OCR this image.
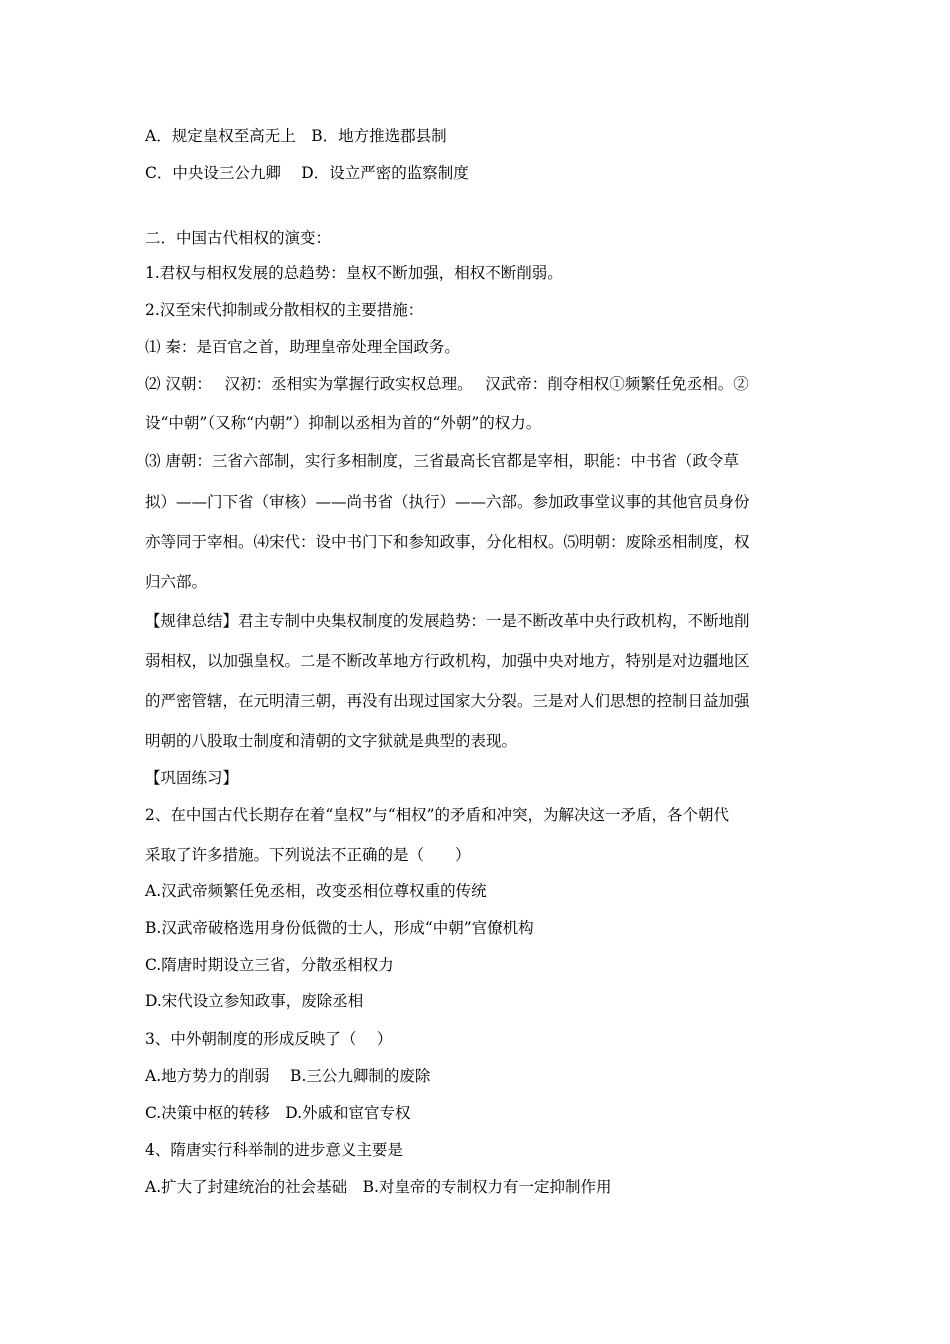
A．规定皇权至高无上　B．地方推选郡县制
C．中央设三公九卿　 D．设立严密的监察制度
二．中国古代相权的演变：
1.君权与相权发展的总趋势：皇权不断加强，相权不断削弱。
2.汉至宋代抑制或分散相权的主要措施：
⑴ 秦：是百官之首，助理皇帝处理全国政务。
⑵ 汉朝：　 汉初：丞相实为掌握行政实权总理。　 汉武帝：削夺相权①频繁任免丞相。②
设“中朝”（又称“内朝”）抑制以丞相为首的“外朝”的权力。
⑶ 唐朝：三省六部制，实行多相制度，三省最高长官都是宰相，职能：中书省（政令草
拟）——门下省（审核）——尚书省（执行）——六部。参加政事堂议事的其他官员身份
亦等同于宰相。⑷宋代：设中书门下和参知政事，分化相权。⑸明朝：废除丞相制度，权
归六部。
【规律总结】君主专制中央集权制度的发展趋势：一是不断改革中央行政机构，不断地削
弱相权，以加强皇权。二是不断改革地方行政机构，加强中央对地方，特别是对边疆地区
的严密管辖，在元明清三朝，再没有出现过国家大分裂。三是对人们思想的控制日益加强
明朝的八股取士制度和清朝的文字狱就是典型的表现。
【巩固练习】
2、在中国古代长期存在着“皇权”与“相权”的矛盾和冲突，为解决这一矛盾，各个朝代
采取了许多措施。下列说法不正确的是（　　）
A.汉武帝频繁任免丞相，改变丞相位尊权重的传统
B.汉武帝破格选用身份低微的士人，形成“中朝”官僚机构
C.隋唐时期设立三省，分散丞相权力
D.宋代设立参知政事，废除丞相
3、中外朝制度的形成反映了（　 ）
A.地方势力的削弱　 B.三公九卿制的废除
C.决策中枢的转移　D.外戚和宦官专权
4、隋唐实行科举制的进步意义主要是
A.扩大了封建统治的社会基础　B.对皇帝的专制权力有一定抑制作用
